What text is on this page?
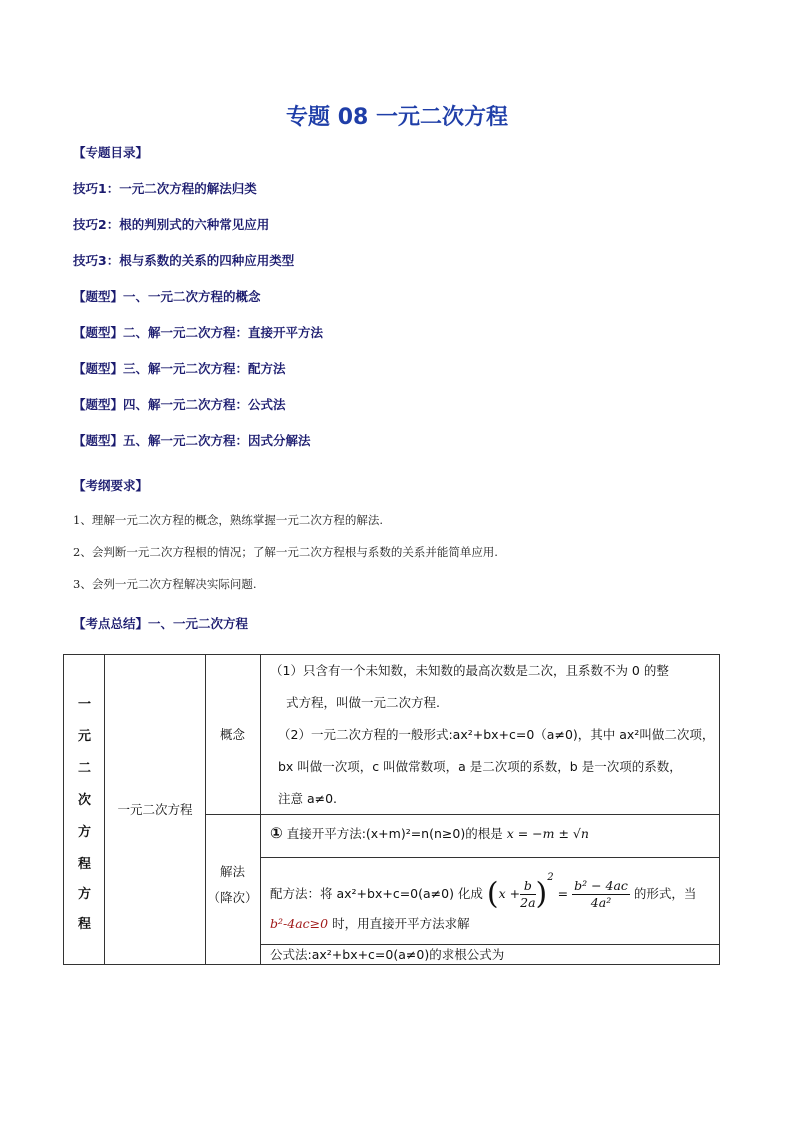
专题 08 一元二次方程
【专题目录】
技巧1：一元二次方程的解法归类
技巧2：根的判别式的六种常见应用
技巧3：根与系数的关系的四种应用类型
【题型】一、一元二次方程的概念
【题型】二、解一元二次方程：直接开平方法
【题型】三、解一元二次方程：配方法
【题型】四、解一元二次方程：公式法
【题型】五、解一元二次方程：因式分解法
【考纲要求】
1、理解一元二次方程的概念，熟练掌握一元二次方程的解法.
2、会判断一元二次方程根的情况；了解一元二次方程根与系数的关系并能简单应用.
3、会列一元二次方程解决实际问题.
【考点总结】一、一元二次方程
一
元
二
次
方
程
方
程
一元二次方程
概念
（1）只含有一个未知数，未知数的最高次数是二次，且系数不为 0 的整
式方程，叫做一元二次方程.
（2）一元二次方程的一般形式:ax²+bx+c=0（a≠0)，其中 ax²叫做二次项，
bx 叫做一次项，c 叫做常数项，a 是二次项的系数，b 是一次项的系数，
注意 a≠0.
解法
（降次）
① 直接开平方法:(x+m)²=n(n≥0)的根是 x = −m ± √n
配方法：将 ax²+bx+c=0(a≠0) 化成 $(x + \frac{b}{2a} )^2 = \frac{\text{b² − 4ac}}{\text{4a²}}$ 的形式，当
b²-4ac≥0 时，用直接开平方法求解
公式法:ax²+bx+c=0(a≠0)的求根公式为
